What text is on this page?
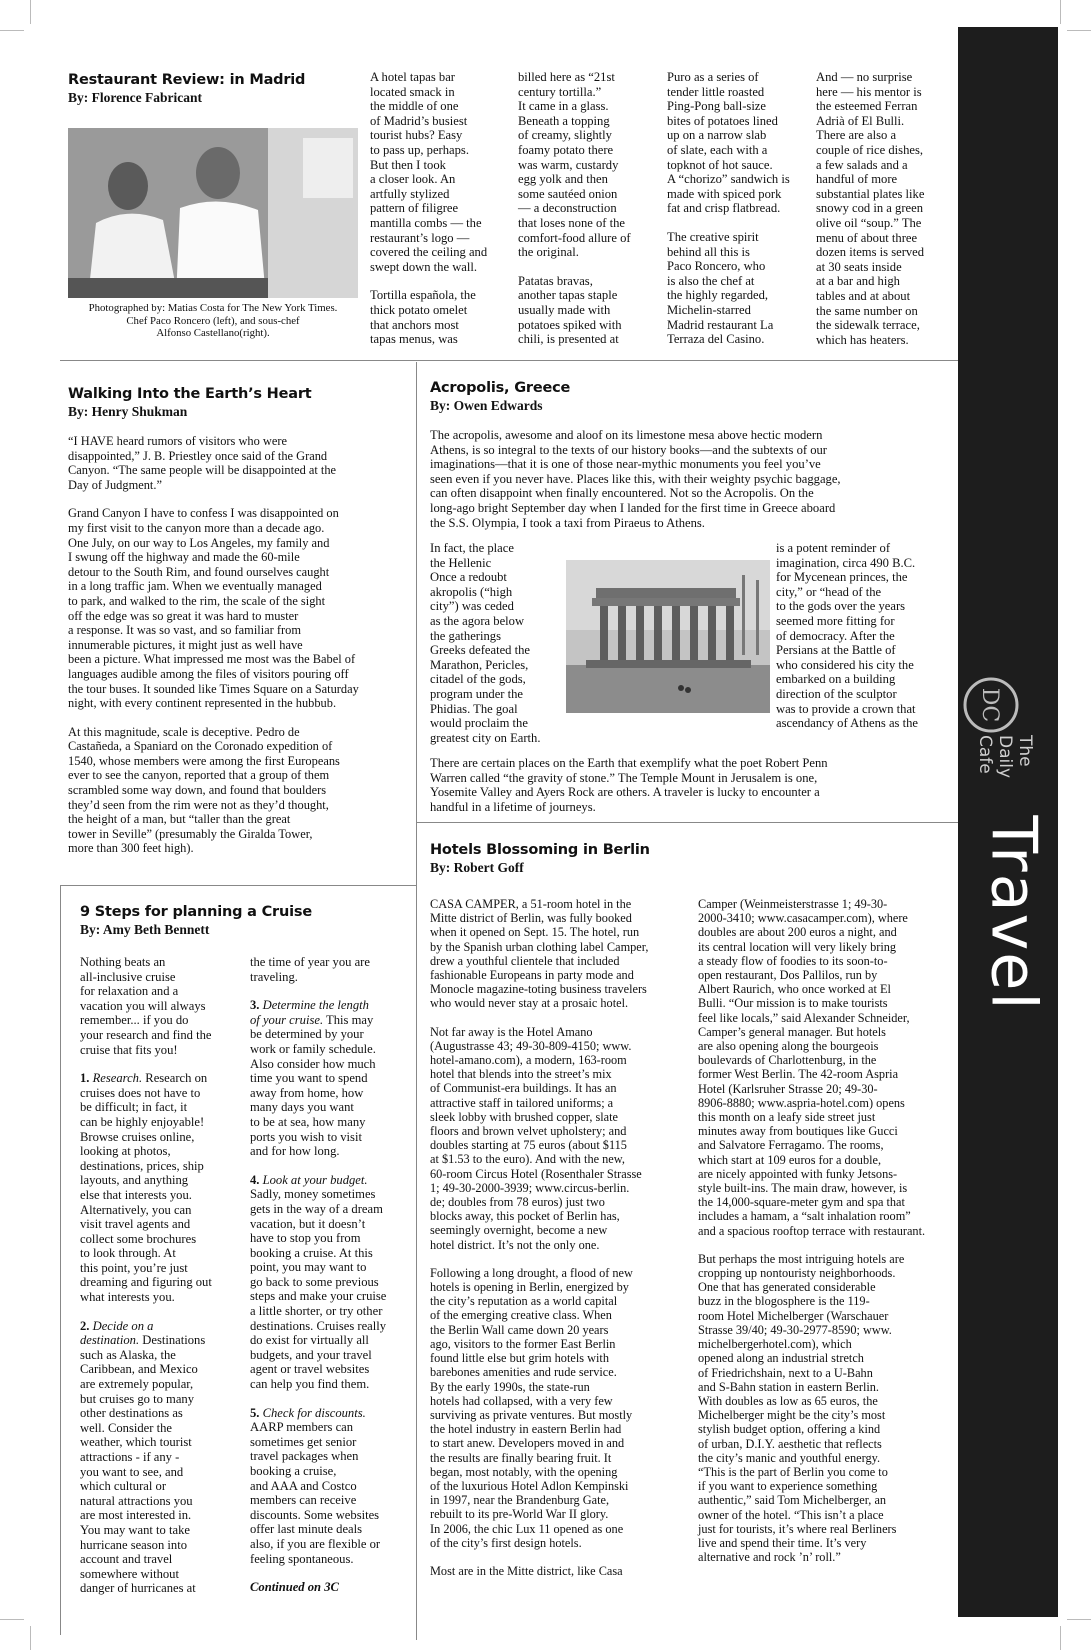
DC
The
Daily
Cafe
Travel
Restaurant Review: in Madrid
By: Florence Fabricant
Photographed by: Matias Costa for The New York Times.
Chef Paco Roncero (left), and sous-chef
Alfonso Castellano(right).

A hotel tapas bar
located smack in
the middle of one
of Madrid’s busiest
tourist hubs? Easy
to pass up, perhaps.
But then I took
a closer look. An
artfully stylized
pattern of filigree
mantilla combs — the
restaurant’s logo —
covered the ceiling and
swept down the wall.

Tortilla española, the
thick potato omelet
that anchors most
tapas menus, was

billed here as “21st
century tortilla.”
It came in a glass.
Beneath a topping
of creamy, slightly
foamy potato there
was warm, custardy
egg yolk and then
some sautéed onion
— a deconstruction
that loses none of the
comfort-food allure of
the original.

Patatas bravas,
another tapas staple
usually made with
potatoes spiked with
chili, is presented at

Puro as a series of
tender little roasted
Ping-Pong ball-size
bites of potatoes lined
up on a narrow slab
of slate, each with a
topknot of hot sauce.
A “chorizo” sandwich is
made with spiced pork
fat and crisp flatbread.

The creative spirit
behind all this is
Paco Roncero, who
is also the chef at
the highly regarded,
Michelin-starred
Madrid restaurant La
Terraza del Casino.

And — no surprise
here — his mentor is
the esteemed Ferran
Adrià of El Bulli.
There are also a
couple of rice dishes,
a few salads and a
handful of more
substantial plates like
snowy cod in a green
olive oil “soup.” The
menu of about three
dozen items is served
at 30 seats inside
at a bar and high
tables and at about
the same number on
the sidewalk terrace,
which has heaters.

Walking Into the Earth’s Heart
By: Henry Shukman

“I HAVE heard rumors of visitors who were
disappointed,” J. B. Priestley once said of the Grand
Canyon. “The same people will be disappointed at the
Day of Judgment.”

Grand Canyon I have to confess I was disappointed on
my first visit to the canyon more than a decade ago.
One July, on our way to Los Angeles, my family and
I swung off the highway and made the 60-mile
detour to the South Rim, and found ourselves caught
in a long traffic jam. When we eventually managed
to park, and walked to the rim, the scale of the sight
off the edge was so great it was hard to muster
a response. It was so vast, and so familiar from
innumerable pictures, it might just as well have
been a picture. What impressed me most was the Babel of
languages audible among the files of visitors pouring off
the tour buses. It sounded like Times Square on a Saturday
night, with every continent represented in the hubbub.

At this magnitude, scale is deceptive. Pedro de
Castañeda, a Spaniard on the Coronado expedition of
1540, whose members were among the first Europeans
ever to see the canyon, reported that a group of them
scrambled some way down, and found that boulders
they’d seen from the rim were not as they’d thought,
the height of a man, but “taller than the great
tower in Seville” (presumably the Giralda Tower,
more than 300 feet high).

Acropolis, Greece
By: Owen Edwards
The acropolis, awesome and aloof on its limestone mesa above hectic modern
Athens, is so integral to the texts of our history books—and the subtexts of our
imaginations—that it is one of those near-mythic monuments you feel you’ve
seen even if you never have. Places like this, with their weighty psychic baggage,
can often disappoint when finally encountered. Not so the Acropolis. On the
long-ago bright September day when I landed for the first time in Greece aboard
the S.S. Olympia, I took a taxi from Piraeus to Athens.
In fact, the place
the Hellenic
Once a redoubt
akropolis (“high
city”) was ceded
as the agora below
the gatherings
Greeks defeated the
Marathon, Pericles,
citadel of the gods,
program under the
Phidias. The goal
would proclaim the
greatest city on Earth.
is a potent reminder of
imagination, circa 490 B.C.
for Mycenean princes, the
city,” or “head of the
to the gods over the years
seemed more fitting for
of democracy. After the
Persians at the Battle of
who considered his city the
embarked on a building
direction of the sculptor
was to provide a crown that
ascendancy of Athens as the
There are certain places on the Earth that exemplify what the poet Robert Penn
Warren called “the gravity of stone.” The Temple Mount in Jerusalem is one,
Yosemite Valley and Ayers Rock are others. A traveler is lucky to encounter a
handful in a lifetime of journeys.
9 Steps for planning a Cruise
By: Amy Beth Bennett

Nothing beats an
all-inclusive cruise
for relaxation and a
vacation you will always
remember... if you do
your research and find the
cruise that fits you!

1. Research. Research on
cruises does not have to
be difficult; in fact, it
can be highly enjoyable!
Browse cruises online,
looking at photos,
destinations, prices, ship
layouts, and anything
else that interests you.
Alternatively, you can
visit travel agents and
collect some brochures
to look through. At
this point, you’re just
dreaming and figuring out
what interests you.

2. Decide on a
destination. Destinations
such as Alaska, the
Caribbean, and Mexico
are extremely popular,
but cruises go to many
other destinations as
well. Consider the
weather, which tourist
attractions - if any -
you want to see, and
which cultural or
natural attractions you
are most interested in.
You may want to take
hurricane season into
account and travel
somewhere without
danger of hurricanes at

the time of year you are
traveling.

3. Determine the length
of your cruise. This may
be determined by your
work or family schedule.
Also consider how much
time you want to spend
away from home, how
many days you want
to be at sea, how many
ports you wish to visit
and for how long.

4. Look at your budget.
Sadly, money sometimes
gets in the way of a dream
vacation, but it doesn’t
have to stop you from
booking a cruise. At this
point, you may want to
go back to some previous
steps and make your cruise
a little shorter, or try other
destinations. Cruises really
do exist for virtually all
budgets, and your travel
agent or travel websites
can help you find them.

5. Check for discounts.
AARP members can
sometimes get senior
travel packages when
booking a cruise,
and AAA and Costco
members can receive
discounts. Some websites
offer last minute deals
also, if you are flexible or
feeling spontaneous.

Continued on 3C

Hotels Blossoming in Berlin
By: Robert Goff

CASA CAMPER, a 51-room hotel in the
Mitte district of Berlin, was fully booked
when it opened on Sept. 15. The hotel, run
by the Spanish urban clothing label Camper,
drew a youthful clientele that included
fashionable Europeans in party mode and
Monocle magazine-toting business travelers
who would never stay at a prosaic hotel.

Not far away is the Hotel Amano
(Augustrasse 43; 49-30-809-4150; www.
hotel-amano.com), a modern, 163-room
hotel that blends into the street’s mix
of Communist-era buildings. It has an
attractive staff in tailored uniforms; a
sleek lobby with brushed copper, slate
floors and brown velvet upholstery; and
doubles starting at 75 euros (about $115
at $1.53 to the euro). And with the new,
60-room Circus Hotel (Rosenthaler Strasse
1; 49-30-2000-3939; www.circus-berlin.
de; doubles from 78 euros) just two
blocks away, this pocket of Berlin has,
seemingly overnight, become a new
hotel district. It’s not the only one.

Following a long drought, a flood of new
hotels is opening in Berlin, energized by
the city’s reputation as a world capital
of the emerging creative class. When
the Berlin Wall came down 20 years
ago, visitors to the former East Berlin
found little else but grim hotels with
barebones amenities and rude service.
By the early 1990s, the state-run
hotels had collapsed, with a very few
surviving as private ventures. But mostly
the hotel industry in eastern Berlin had
to start anew. Developers moved in and
the results are finally bearing fruit. It
began, most notably, with the opening
of the luxurious Hotel Adlon Kempinski
in 1997, near the Brandenburg Gate,
rebuilt to its pre-World War II glory.
In 2006, the chic Lux 11 opened as one
of the city’s first design hotels.

Most are in the Mitte district, like Casa

Camper (Weinmeisterstrasse 1; 49-30-
2000-3410; www.casacamper.com), where
doubles are about 200 euros a night, and
its central location will very likely bring
a steady flow of foodies to its soon-to-
open restaurant, Dos Pallilos, run by
Albert Raurich, who once worked at El
Bulli. “Our mission is to make tourists
feel like locals,” said Alexander Schneider,
Camper’s general manager. But hotels
are also opening along the bourgeois
boulevards of Charlottenburg, in the
former West Berlin. The 42-room Aspria
Hotel (Karlsruher Strasse 20; 49-30-
8906-8880; www.aspria-hotel.com) opens
this month on a leafy side street just
minutes away from boutiques like Gucci
and Salvatore Ferragamo. The rooms,
which start at 109 euros for a double,
are nicely appointed with funky Jetsons-
style built-ins. The main draw, however, is
the 14,000-square-meter gym and spa that
includes a hamam, a “salt inhalation room”
and a spacious rooftop terrace with restaurant.

But perhaps the most intriguing hotels are
cropping up nontouristy neighborhoods.
One that has generated considerable
buzz in the blogosphere is the 119-
room Hotel Michelberger (Warschauer
Strasse 39/40; 49-30-2977-8590; www.
michelbergerhotel.com), which
opened along an industrial stretch
of Friedrichshain, next to a U-Bahn
and S-Bahn station in eastern Berlin.
With doubles as low as 65 euros, the
Michelberger might be the city’s most
stylish budget option, offering a kind
of urban, D.I.Y. aesthetic that reflects
the city’s manic and youthful energy.
“This is the part of Berlin you come to
if you want to experience something
authentic,” said Tom Michelberger, an
owner of the hotel. “This isn’t a place
just for tourists, it’s where real Berliners
live and spend their time. It’s very
alternative and rock ’n’ roll.”
